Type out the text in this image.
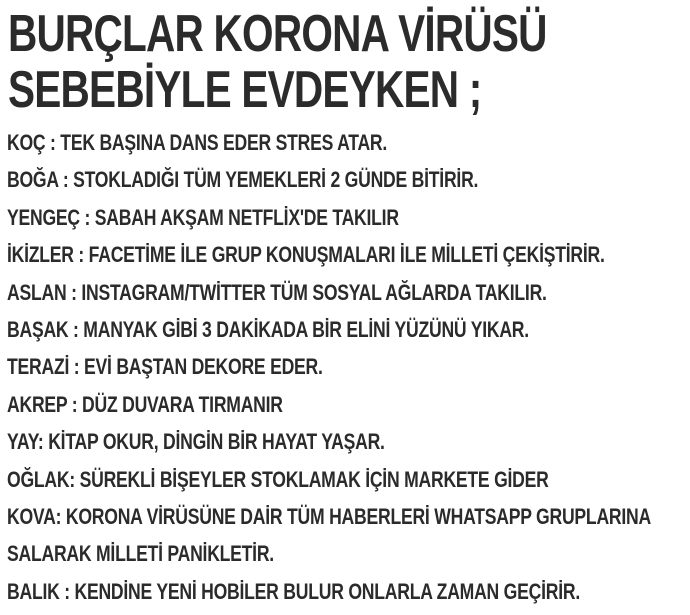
BURÇLAR KORONA VİRÜSÜ
SEBEBİYLE EVDEYKEN ;
KOÇ : TEK BAŞINA DANS EDER STRES ATAR.
BOĞA : STOKLADIĞI TÜM YEMEKLERİ 2 GÜNDE BİTİRİR.
YENGEÇ : SABAH AKŞAM NETFLİX'DE TAKILIR
İKİZLER : FACETİME İLE GRUP KONUŞMALARI İLE MİLLETİ ÇEKİŞTİRİR.
ASLAN : INSTAGRAM/TWİTTER TÜM SOSYAL AĞLARDA TAKILIR.
BAŞAK : MANYAK GİBİ 3 DAKİKADA BİR ELİNİ YÜZÜNÜ YIKAR.
TERAZİ : EVİ BAŞTAN DEKORE EDER.
AKREP : DÜZ DUVARA TIRMANIR
YAY: KİTAP OKUR, DİNGİN BİR HAYAT YAŞAR.
OĞLAK: SÜREKLİ BİŞEYLER STOKLAMAK İÇİN MARKETE GİDER
KOVA: KORONA VİRÜSÜNE DAİR TÜM HABERLERİ WHATSAPP GRUPLARINA
SALARAK MİLLETİ PANİKLETİR.
BALIK : KENDİNE YENİ HOBİLER BULUR ONLARLA ZAMAN GEÇİRİR.
